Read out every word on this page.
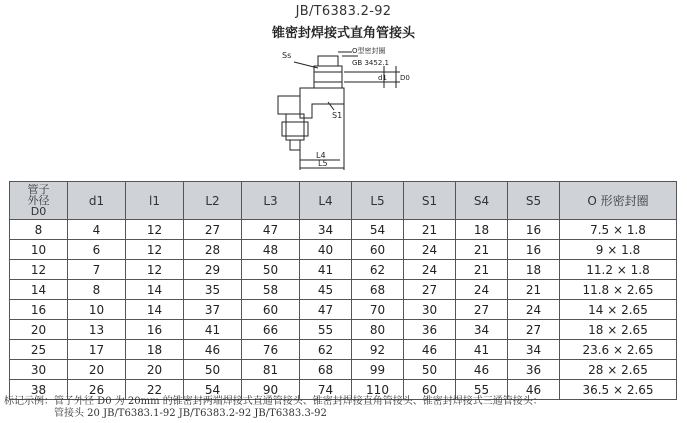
JB/T6383.2-92
锥密封焊接式直角管接头
Ss	O型密封圈
GB 3452.1
S1
d1 D0
L4
L5
管子
外径
D0	d1	l1	L2	L3	L4	L5	S1	S4	S5	O 形密封圈
8	4	12	27	47	34	54	21	18	16	7.5 × 1.8
10	6	12	28	48	40	60	24	21	16	9 × 1.8
12	7	12	29	50	41	62	24	21	18	11.2 × 1.8
14	8	14	35	58	45	68	27	24	21	11.8 × 2.65
16	10	14	37	60	47	70	30	27	24	14 × 2.65
20	13	16	41	66	55	80	36	34	27	18 × 2.65
25	17	18	46	76	62	92	46	41	34	23.6 × 2.65
30	20	20	50	81	68	99	50	46	36	28 × 2.65
38	26	22	54	90	74	110	60	55	46	36.5 × 2.65
标记示例：管子外径 D0 为 20mm 的锥密封两端焊接式直通管接头、锥密封焊接直角管接头、锥密封焊接式三通管接头：
管接头 20 JB/T6383.1-92 JB/T6383.2-92 JB/T6383.3-92
